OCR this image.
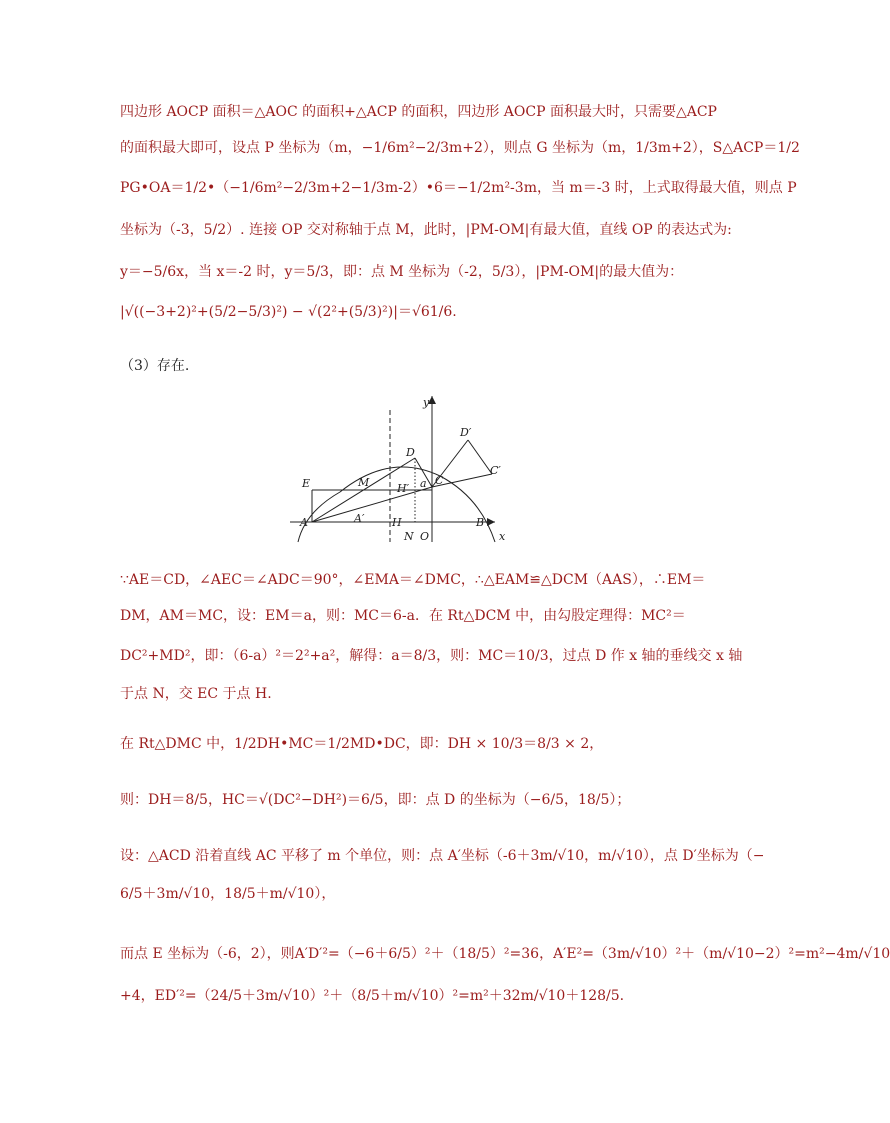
四边形 AOCP 面积＝△AOC 的面积+△ACP 的面积，四边形 AOCP 面积最大时，只需要△ACP
的面积最大即可，设点 P 坐标为（m，−1/6m²−2/3m+2），则点 G 坐标为（m，1/3m+2），S△ACP＝1/2
PG•OA＝1/2•（−1/6m²−2/3m+2−1/3m-2）•6＝−1/2m²-3m，当 m＝-3 时，上式取得最大值，则点 P
坐标为（-3，5/2）. 连接 OP 交对称轴于点 M，此时，|PM-OM|有最大值，直线 OP 的表达式为:
y＝−5/6x，当 x＝-2 时，y＝5/3，即：点 M 坐标为（-2，5/3），|PM-OM|的最大值为：
|√((−3+2)²+(5/2−5/3)²) − √(2²+(5/3)²)|＝√61/6.
（3）存在.
y
x
D
D′
C
C′
E	M	H′ a
A	A′	H
N O
B
∵AE＝CD，∠AEC＝∠ADC＝90°，∠EMA＝∠DMC，∴△EAM≌△DCM（AAS），∴EM＝
DM，AM＝MC，设：EM＝a，则：MC＝6-a．在 Rt△DCM 中，由勾股定理得：MC²＝
DC²+MD²，即：（6-a）²＝2²+a²，解得：a＝8/3，则：MC＝10/3，过点 D 作 x 轴的垂线交 x 轴
于点 N，交 EC 于点 H.
在 Rt△DMC 中，1/2DH•MC＝1/2MD•DC，即：DH × 10/3＝8/3 × 2，
则：DH＝8/5，HC＝√(DC²−DH²)＝6/5，即：点 D 的坐标为（−6/5，18/5）；
设：△ACD 沿着直线 AC 平移了 m 个单位，则：点 A′坐标（-6＋3m/√10，m/√10），点 D′坐标为（−
6/5＋3m/√10，18/5＋m/√10），
而点 E 坐标为（-6，2），则A′D′²=（−6＋6/5）²＋（18/5）²=36，A′E²=（3m/√10）²＋（m/√10−2）²=m²−4m/√10
+4，ED′²=（24/5＋3m/√10）²＋（8/5＋m/√10）²=m²＋32m/√10＋128/5.
